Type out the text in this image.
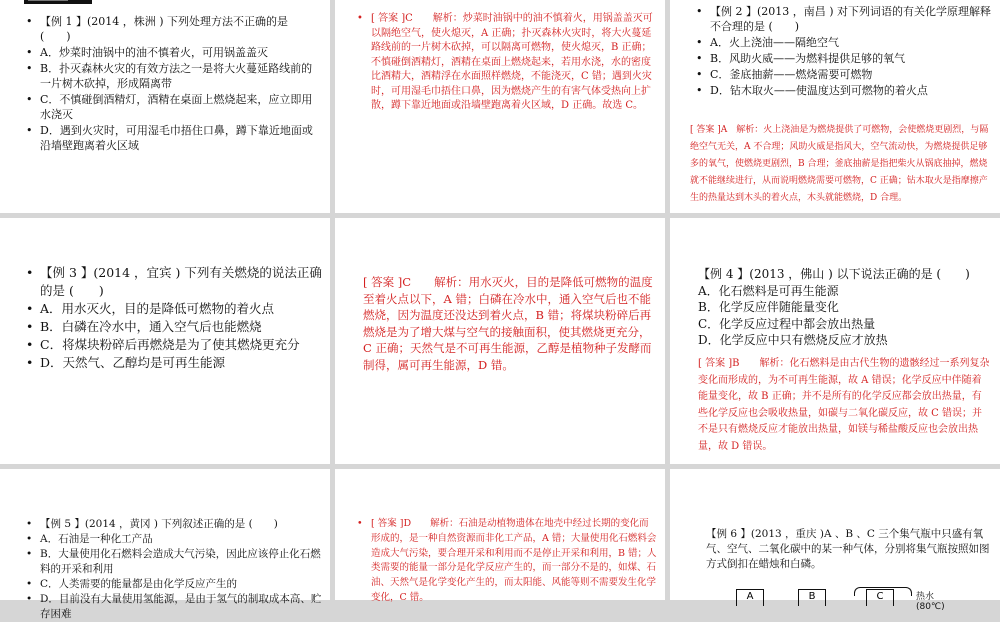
• 【例 1 】(2014 ，株洲 ) 下列处理方法不正确的是 (　　)
• A．炒菜时油锅中的油不慎着火，可用锅盖盖灭
• B．扑灭森林火灾的有效方法之一是将大火蔓延路线前的一片树木砍掉，形成隔离带
• C．不慎碰倒酒精灯，酒精在桌面上燃烧起来，应立即用水浇灭
• D．遇到火灾时，可用湿毛巾捂住口鼻，蹲下靠近地面或沿墙壁跑离着火区域
• [ 答案 ]C　　解析：炒菜时油锅中的油不慎着火，用锅盖盖灭可以隔绝空气，使火熄灭，A 正确；扑灭森林火灾时，将大火蔓延路线前的一片树木砍掉，可以隔离可燃物，使火熄灭，B 正确；不慎碰倒酒精灯，酒精在桌面上燃烧起来，若用水浇，水的密度比酒精大，酒精浮在水面照样燃烧，不能浇灭，C 错；遇到火灾时，可用湿毛巾捂住口鼻，因为燃烧产生的有害气体受热向上扩散，蹲下靠近地面或沿墙壁跑离着火区域，D 正确。故选 C。
• 【例 2 】(2013 ，南昌 ) 对下列词语的有关化学原理解释不合理的是 (　　)
• A．火上浇油——隔绝空气
• B．风助火威——为燃料提供足够的氧气
• C．釜底抽薪——燃烧需要可燃物
• D．钻木取火——使温度达到可燃物的着火点
[ 答案 ]A　解析：火上浇油是为燃烧提供了可燃物，会使燃烧更剧烈，与隔绝空气无关，A 不合理；风助火威是指风大，空气流动快，为燃烧提供足够多的氧气，使燃烧更剧烈，B 合理；釜底抽薪是指把柴火从锅底抽掉，燃烧就不能继续进行，从而说明燃烧需要可燃物，C 正确；钻木取火是指摩擦产生的热量达到木头的着火点，木头就能燃烧，D 合理。
• 【例 3 】(2014 ，宜宾 ) 下列有关燃烧的说法正确的是 (　　)
• A．用水灭火，目的是降低可燃物的着火点
• B．白磷在冷水中，通入空气后也能燃烧
• C．将煤块粉碎后再燃烧是为了使其燃烧更充分
• D．天然气、乙醇均是可再生能源
[ 答案 ]C　　解析：用水灭火，目的是降低可燃物的温度至着火点以下，A 错；白磷在冷水中，通入空气后也不能燃烧，因为温度还没达到着火点，B 错；将煤块粉碎后再燃烧是为了增大煤与空气的接触面积，使其燃烧更充分，C 正确；天然气是不可再生能源，乙醇是植物种子发酵而制得，属可再生能源，D 错。
【例 4 】(2013 ，佛山 ) 以下说法正确的是 (　　)
A．化石燃料是可再生能源
B．化学反应伴随能量变化
C．化学反应过程中都会放出热量
D．化学反应中只有燃烧反应才放热
[ 答案 ]B　　解析：化石燃料是由古代生物的遗骸经过一系列复杂变化而形成的，为不可再生能源，故 A 错误；化学反应中伴随着能量变化，故 B 正确；并不是所有的化学反应都会放出热量，有些化学反应也会吸收热量，如碳与二氧化碳反应，故 C 错误；并不是只有燃烧反应才能放出热量，如镁与稀盐酸反应也会放出热量，故 D 错误。
• 【例 5 】(2014 ，黄冈 ) 下列叙述正确的是 (　　)
• A．石油是一种化工产品
• B．大量使用化石燃料会造成大气污染，因此应该停止化石燃料的开采和利用
• C．人类需要的能量都是由化学反应产生的
• D．目前没有大量使用氢能源，是由于氢气的制取成本高、贮存困难
• [ 答案 ]D　　解析：石油是动植物遗体在地壳中经过长期的变化而形成的，是一种自然资源而非化工产品，A 错；大量使用化石燃料会造成大气污染，要合理开采和利用而不是停止开采和利用，B 错；人类需要的能量一部分是化学反应产生的，而一部分不是的，如煤、石油、天然气是化学变化产生的，而太阳能、风能等则不需要发生化学变化，C 错。
【例 6 】(2013 ，重庆 )A 、B 、C 三个集气瓶中只盛有氧气、空气、二氧化碳中的某一种气体，分别将集气瓶按照如图方式倒扣在蜡烛和白磷。
A	B	C	热水(80℃)
